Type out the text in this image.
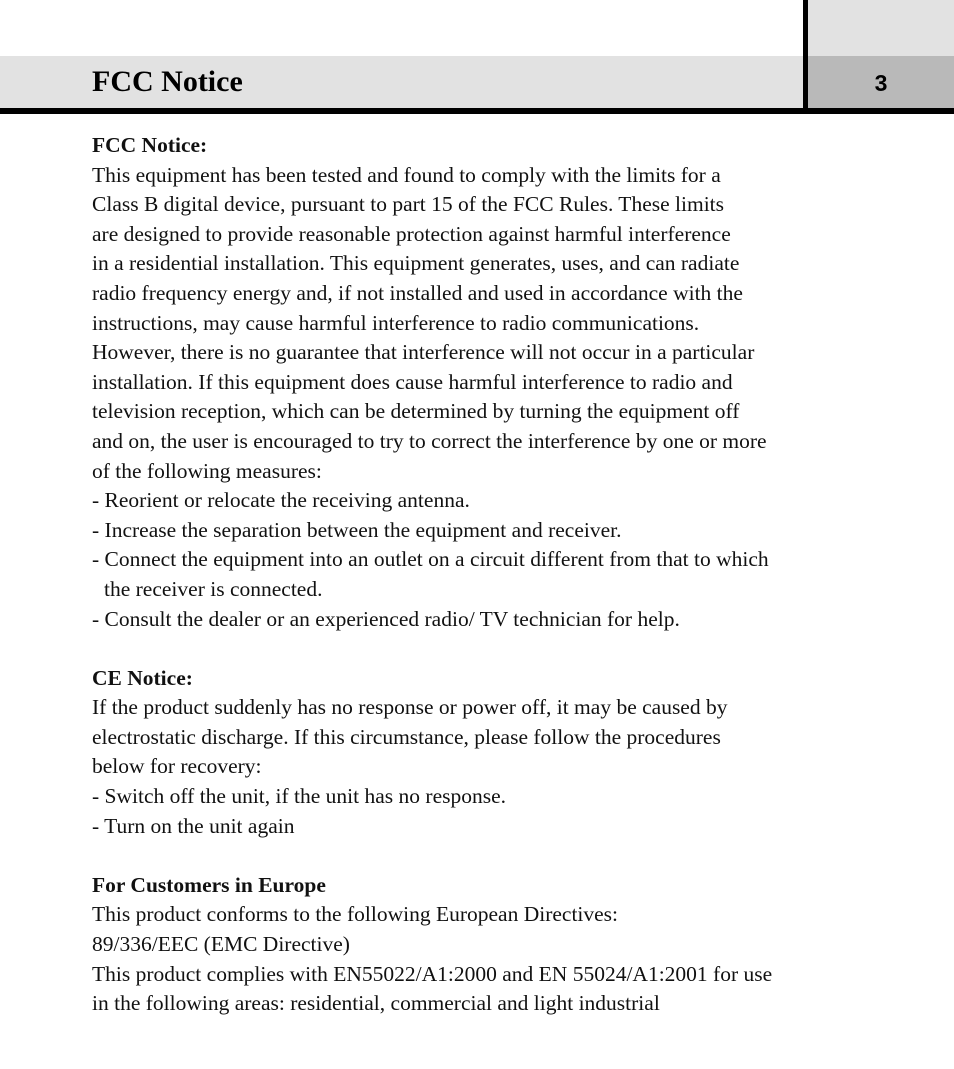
FCC Notice	3

FCC Notice:

This equipment has been tested and found to comply with the limits for a

Class B digital device, pursuant to part 15 of the FCC Rules. These limits

are designed to provide reasonable protection against harmful interference

in a residential installation. This equipment generates, uses, and can radiate

radio frequency energy and, if not installed and used in accordance with the

instructions, may cause harmful interference to radio communications.

However, there is no guarantee that interference will not occur in a particular

installation. If this equipment does cause harmful interference to radio and

television reception, which can be determined by turning the equipment off

and on, the user is encouraged to try to correct the interference by one or more

of the following measures:

- Reorient or relocate the receiving antenna.

- Increase the separation between the equipment and receiver.

- Connect the equipment into an outlet on a circuit different from that to which

the receiver is connected.

- Consult the dealer or an experienced radio/ TV technician for help.

CE Notice:

If the product suddenly has no response or power off, it may be caused by

electrostatic discharge. If this circumstance, please follow the procedures

below for recovery:

- Switch off the unit, if the unit has no response.

- Turn on the unit again

For Customers in Europe

This product conforms to the following European Directives:

89/336/EEC (EMC Directive)

This product complies with EN55022/A1:2000 and EN 55024/A1:2001 for use

in the following areas: residential, commercial and light industrial
